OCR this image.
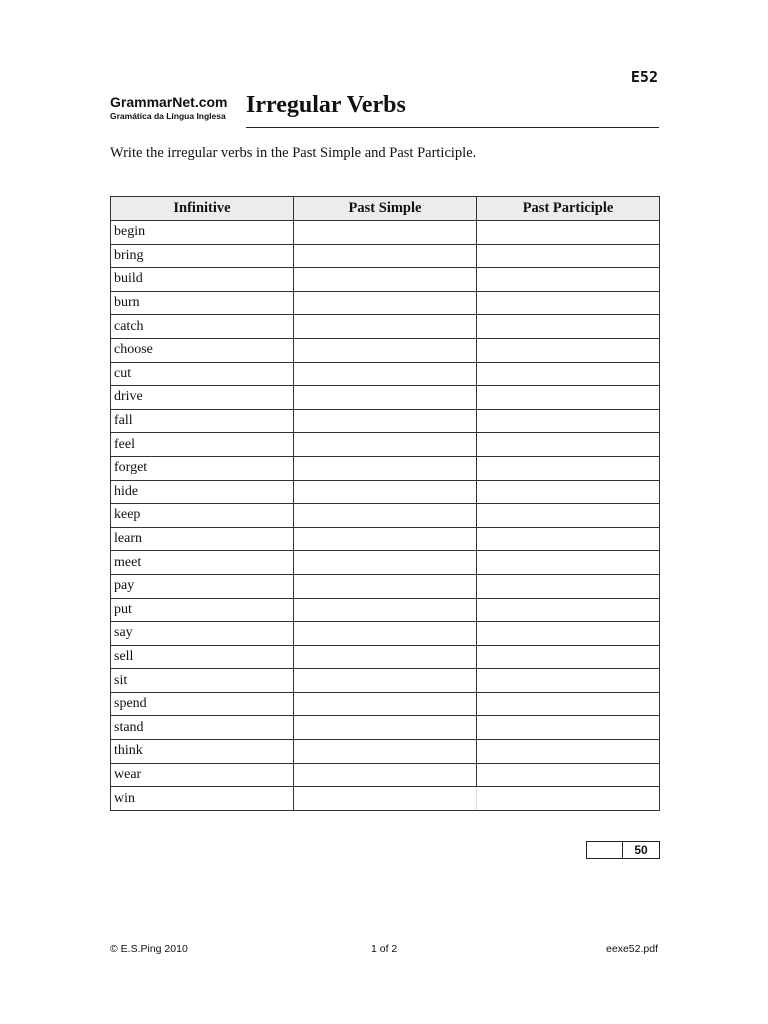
E52
GrammarNet.com
Gramática da Língua Inglesa Irregular Verbs
Write the irregular verbs in the Past Simple and Past Participle.
Infinitive	Past Simple	Past Participle
begin		
bring		
build		
burn		
catch		
choose		
cut		
drive		
fall		
feel		
forget		
hide		
keep		
learn		
meet		
pay		
put		
say		
sell		
sit		
spend		
stand		
think		
wear		
win		
50
© E.S.Ping 2010	1 of 2	eexe52.pdf
